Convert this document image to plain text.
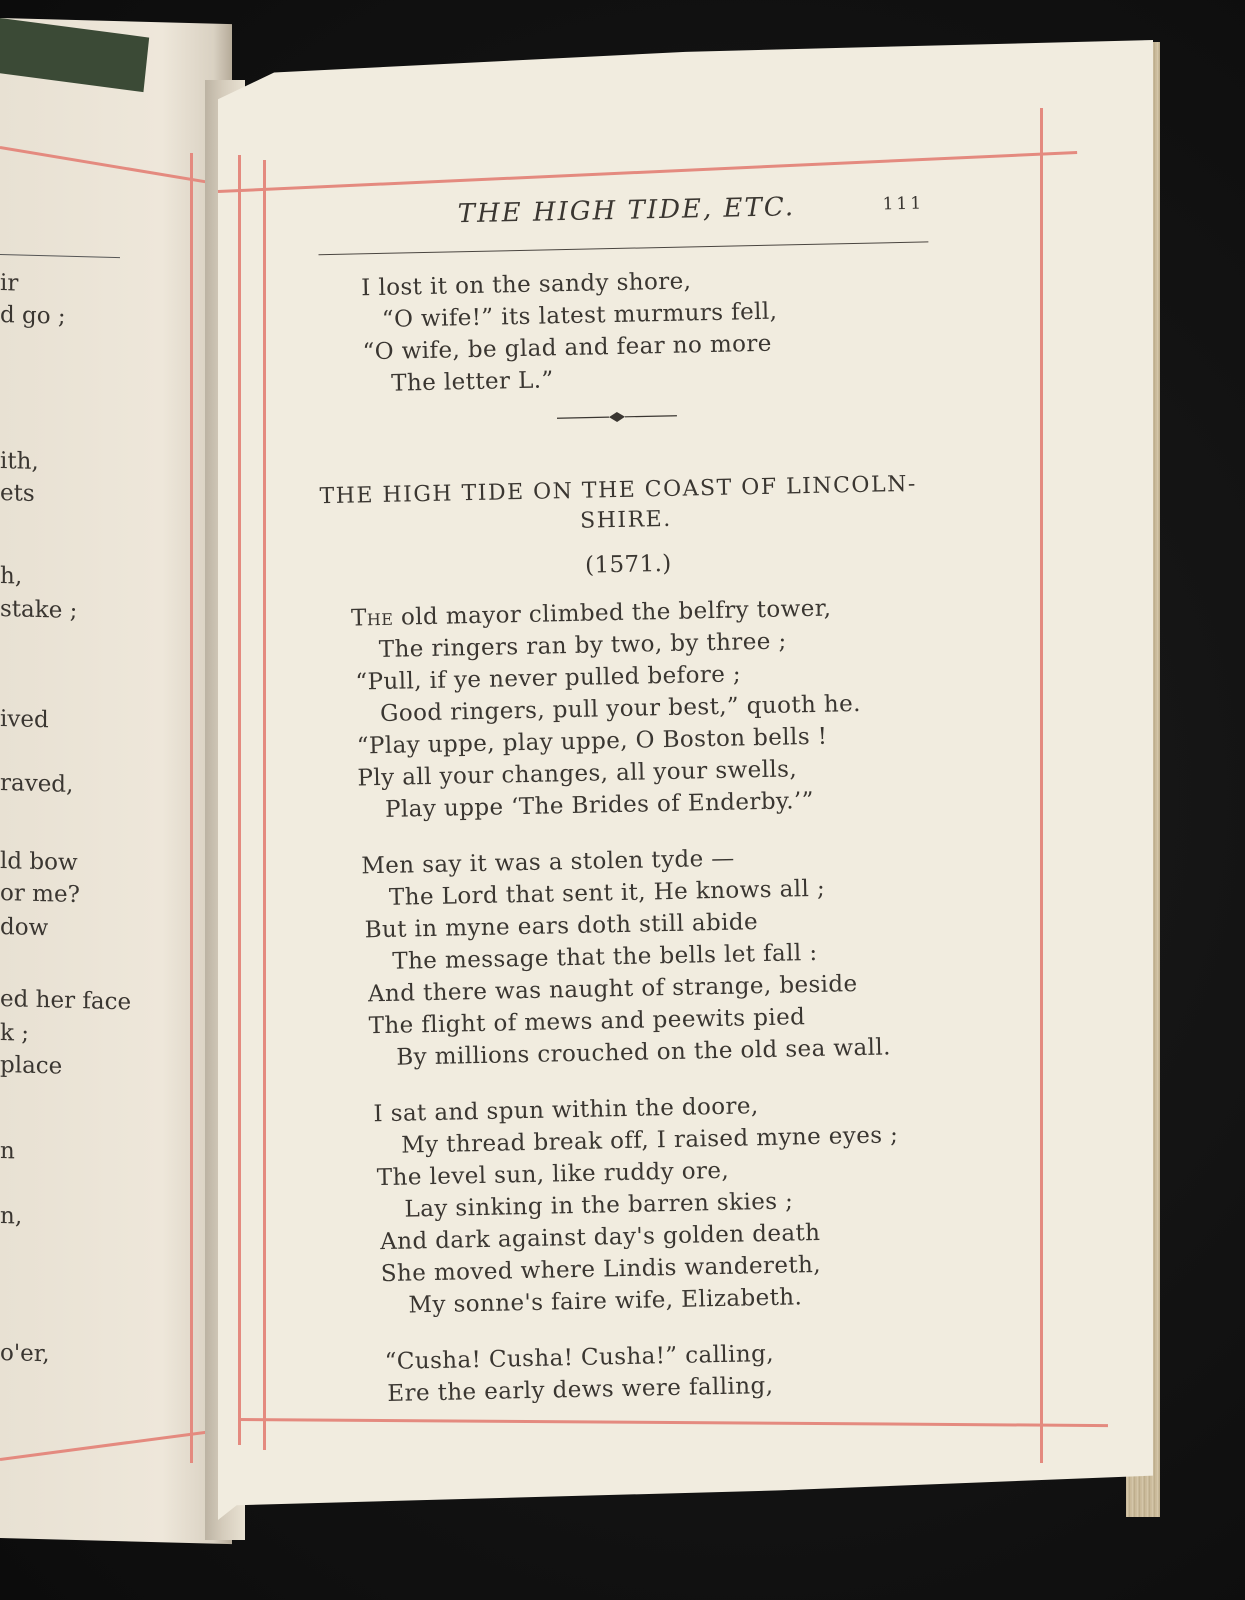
ir
d go ;
ith,
ets
h,
stake ;
ived
raved,
ld bow
or me?
dow
ed her face
k ;
place
n
n,
o'er,
THE HIGH TIDE, ETC.	111
I lost it on the sandy shore,
“O wife!” its latest murmurs fell,
“O wife, be glad and fear no more
The letter L.”
THE HIGH TIDE ON THE COAST OF LINCOLN-
SHIRE.
(1571.)
The old mayor climbed the belfry tower,
The ringers ran by two, by three ;
“Pull, if ye never pulled before ;
Good ringers, pull your best,” quoth he.
“Play uppe, play uppe, O Boston bells !
Ply all your changes, all your swells,
Play uppe ‘The Brides of Enderby.’”
Men say it was a stolen tyde —
The Lord that sent it, He knows all ;
But in myne ears doth still abide
The message that the bells let fall :
And there was naught of strange, beside
The flight of mews and peewits pied
By millions crouched on the old sea wall.
I sat and spun within the doore,
My thread break off, I raised myne eyes ;
The level sun, like ruddy ore,
Lay sinking in the barren skies ;
And dark against day's golden death
She moved where Lindis wandereth,
My sonne's faire wife, Elizabeth.
“Cusha! Cusha! Cusha!” calling,
Ere the early dews were falling,
